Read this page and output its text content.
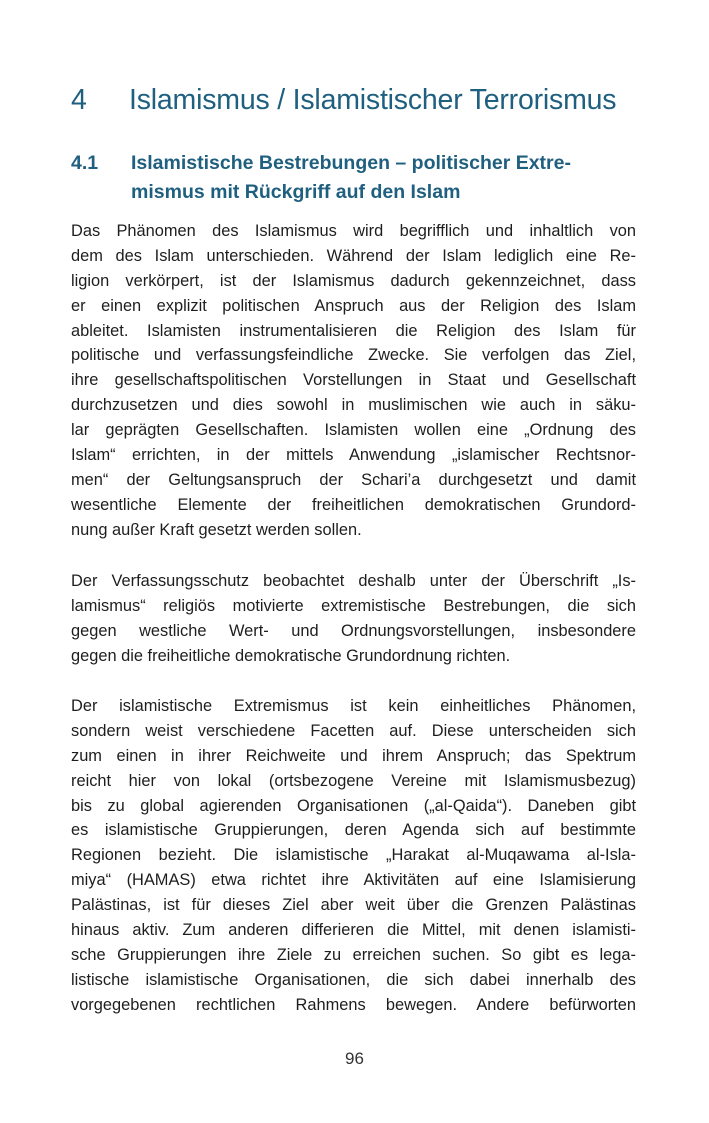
4	Islamismus / Islamistischer Terrorismus
4.1	Islamistische Bestrebungen – politischer Extre-
mismus mit Rückgriff auf den Islam
Das Phänomen des Islamismus wird begrifflich und inhaltlich von
dem des Islam unterschieden. Während der Islam lediglich eine Re-
ligion verkörpert, ist der Islamismus dadurch gekennzeichnet, dass
er einen explizit politischen Anspruch aus der Religion des Islam
ableitet. Islamisten instrumentalisieren die Religion des Islam für
politische und verfassungsfeindliche Zwecke. Sie verfolgen das Ziel,
ihre gesellschaftspolitischen Vorstellungen in Staat und Gesellschaft
durchzusetzen und dies sowohl in muslimischen wie auch in säku-
lar geprägten Gesellschaften. Islamisten wollen eine „Ordnung des
Islam“ errichten, in der mittels Anwendung „islamischer Rechtsnor-
men“ der Geltungsanspruch der Schari’a durchgesetzt und damit
wesentliche Elemente der freiheitlichen demokratischen Grundord-
nung außer Kraft gesetzt werden sollen.
Der Verfassungsschutz beobachtet deshalb unter der Überschrift „Is-
lamismus“ religiös motivierte extremistische Bestrebungen, die sich
gegen westliche Wert- und Ordnungsvorstellungen, insbesondere
gegen die freiheitliche demokratische Grundordnung richten.
Der islamistische Extremismus ist kein einheitliches Phänomen,
sondern weist verschiedene Facetten auf. Diese unterscheiden sich
zum einen in ihrer Reichweite und ihrem Anspruch; das Spektrum
reicht hier von lokal (ortsbezogene Vereine mit Islamismusbezug)
bis zu global agierenden Organisationen („al-Qaida“). Daneben gibt
es islamistische Gruppierungen, deren Agenda sich auf bestimmte
Regionen bezieht. Die islamistische „Harakat al-Muqawama al-Isla-
miya“ (HAMAS) etwa richtet ihre Aktivitäten auf eine Islamisierung
Palästinas, ist für dieses Ziel aber weit über die Grenzen Palästinas
hinaus aktiv. Zum anderen differieren die Mittel, mit denen islamisti-
sche Gruppierungen ihre Ziele zu erreichen suchen. So gibt es lega-
listische islamistische Organisationen, die sich dabei innerhalb des
vorgegebenen rechtlichen Rahmens bewegen. Andere befürworten
96
